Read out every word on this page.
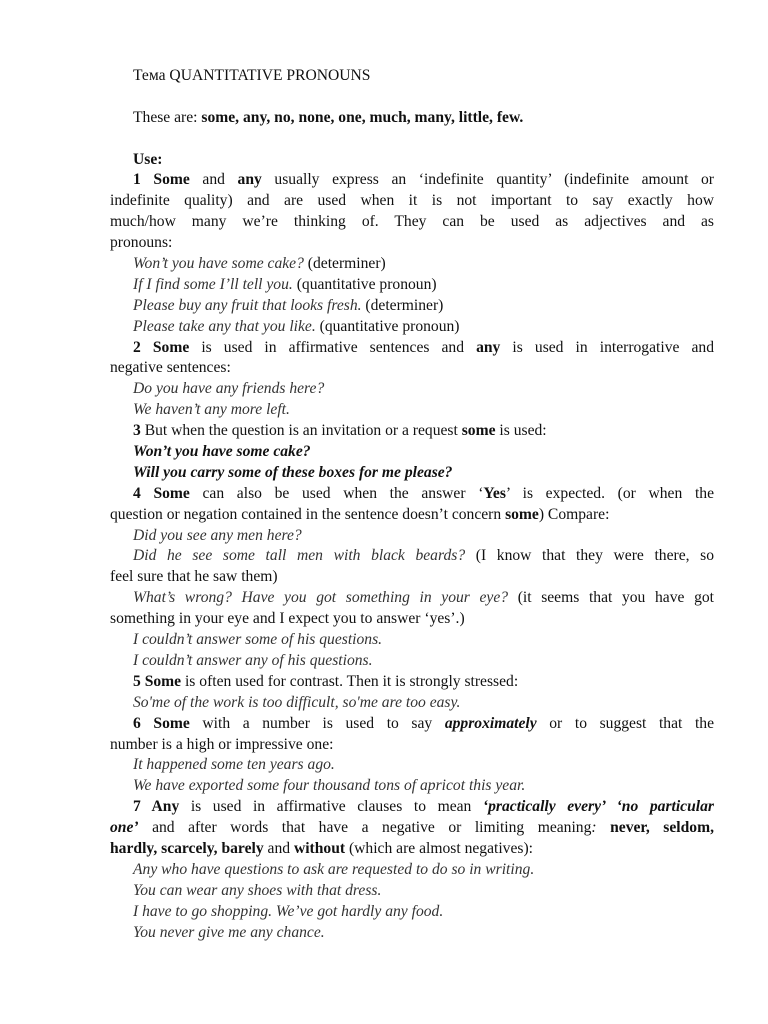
Тема QUANTITATIVE PRONOUNS
These are: some, any, no, none, one, much, many, little, few.
Use:
1 Some and any usually express an ‘indefinite quantity’ (indefinite amount or
indefinite quality) and are used when it is not important to say exactly how
much/how many we’re thinking of. They can be used as adjectives and as
pronouns:
Won’t you have some cake? (determiner)
If I find some I’ll tell you. (quantitative pronoun)
Please buy any fruit that looks fresh. (determiner)
Please take any that you like. (quantitative pronoun)
2 Some is used in affirmative sentences and any is used in interrogative and
negative sentences:
Do you have any friends here?
We haven’t any more left.
3 But when the question is an invitation or a request some is used:
Won’t you have some cake?
Will you carry some of these boxes for me please?
4 Some can also be used when the answer ‘Yes’ is expected. (or when the
question or negation contained in the sentence doesn’t concern some) Compare:
Did you see any men here?
Did he see some tall men with black beards? (I know that they were there, so
feel sure that he saw them)
What’s wrong? Have you got something in your eye? (it seems that you have got
something in your eye and I expect you to answer ‘yes’.)
I couldn’t answer some of his questions.
I couldn’t answer any of his questions.
5 Some is often used for contrast. Then it is strongly stressed:
So'me of the work is too difficult, so'me are too easy.
6 Some with a number is used to say approximately or to suggest that the
number is a high or impressive one:
It happened some ten years ago.
We have exported some four thousand tons of apricot this year.
7 Any is used in affirmative clauses to mean ‘practically every’ ‘no particular
one’ and after words that have a negative or limiting meaning: never, seldom,
hardly, scarcely, barely and without (which are almost negatives):
Any who have questions to ask are requested to do so in writing.
You can wear any shoes with that dress.
I have to go shopping. We’ve got hardly any food.
You never give me any chance.
